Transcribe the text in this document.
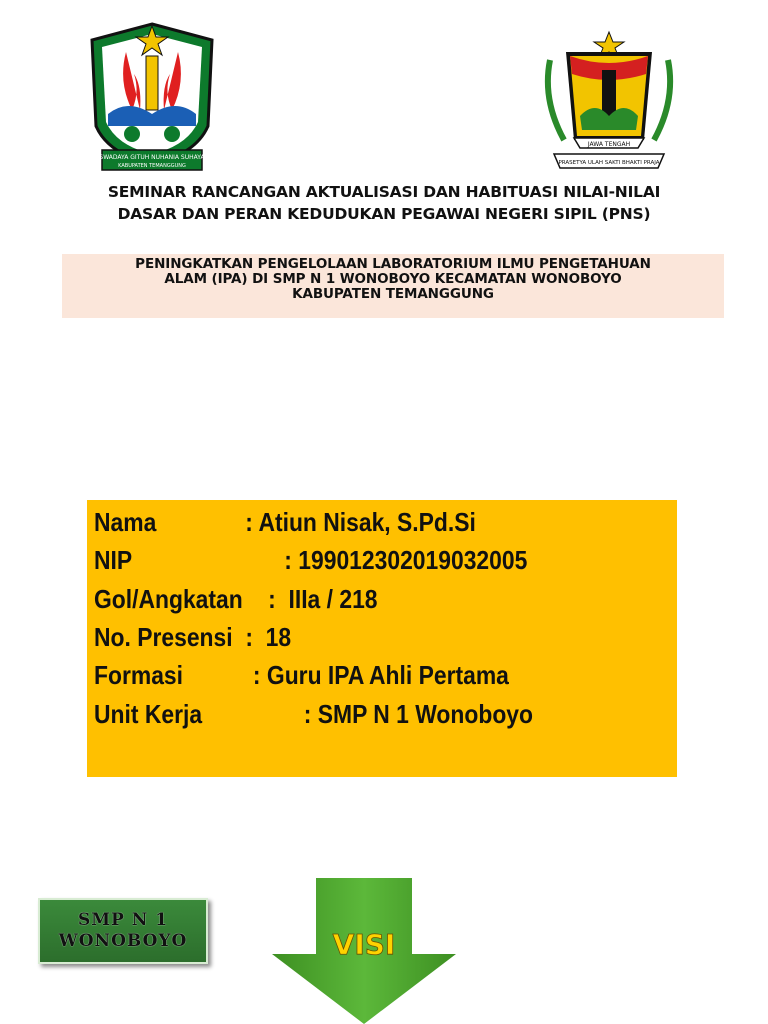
SWADAYA GITUH NUHANIA SUHAYA
KABUPATEN TEMANGGUNG
JAWA TENGAH
PRASETYA ULAH SAKTI BHAKTI PRAJA
SEMINAR RANCANGAN AKTUALISASI DAN HABITUASI NILAI-NILAI
DASAR DAN PERAN KEDUDUKAN PEGAWAI NEGERI SIPIL (PNS)
PENINGKATKAN PENGELOLAAN LABORATORIUM ILMU PENGETAHUAN
ALAM (IPA) DI SMP N 1 WONOBOYO KECAMATAN WONOBOYO
KABUPATEN TEMANGGUNG
Nama              : Atiun Nisak, S.Pd.Si
NIP                        : 199012302019032005
Gol/Angkatan    :  IIIa / 218
No. Presensi  :  18
Formasi           : Guru IPA Ahli Pertama
Unit Kerja                : SMP N 1 Wonoboyo
SMP N 1
WONOBOYO	VISI
